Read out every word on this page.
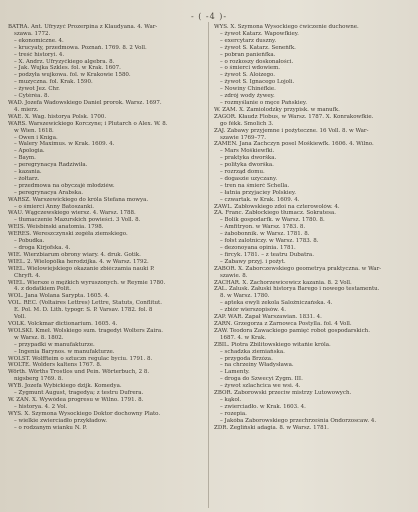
- ( -4 )-
BATRA. Ant. Ufryzyć Prozerpina z Klaudyana. 4. War-
szawa. 1772.
– ekonomiczne. 4.
– krucyaty, przedmowa. Poznań. 1769. 8. 2 Voll.
– treść historyi. 4.
– X. Andrz. Ufryzyćkiego algebra. 8.
– Jak. Wujka Szkles. fol. w Krak. 1607.
– podzyła wujkowa. fol. w Krakowie 1580.
– muzyczna. fol. Krak. 1590.
– żywot Jez. Chr.
– Cytéréa. 8.
WAD. Jozefa Wadowskiego Daniel prorok. Warsz. 1697.
4. mierz.
WAE. X. Wag. historya Polsk. 1700.
WARS. Warszewickiego Korczyne; i Plutarch o Alex. W. 8.
w Wien. 1618.
– Owen i Kniga.
– Walery Maximus. w Krak. 1609. 4.
– Apologia.
– Baym.
– peregrynacya Radziwiła.
– kazania.
– żołtarz.
– przedmowa na obyczajé młodziéw.
– peregrynacya Arabska.
WARSZ. Warszewickiego do króla Stefana mowya.
– o śmierci Anny Batoszanki.
WAU. Wągczewskiego wiersz. 4. Warsz. 1788.
– tłumaczenie Mazurskich powieści. 3 Voll. 8.
WEIS. Weisbinski anatomia. 1798.
WERES. Wereszczynski zegéła ziemskiego.
– Pobudka.
– droga Kirjofska. 4.
WIE. Wierzbiarum obrony wiary. 4. druk. Gotik.
WIEL. 2. Wielopólka herodzijka. 4. w Warsz. 1792.
WIEL. Wielowiejskiego okazanie zbiéczamia nauki P.
Chryft. 4.
WIEL. Wiersze o mężkich wyruszonych. w Reymie 1780.
4. z dodatkiem Polit.
WOL. Jana Wolana Sarypta. 1605. 4.
VOL. REC. (Voltaires Lettres) Lettre, Statuts, Conflitut.
E. Pol. M. D. Lith. typogr. S. P. Varsav. 1782. fol. 8
Voll.
VOLK. Volckmar dictionarium. 1605. 4.
WOLSKI. Kmeł. Wolskiego sum. tragedyi Wolters Zaira.
w Warsz. 8. 1802.
– przypadki w manufakturze.
– Ingenia Barynos. w manufakturze.
WOLST. Wolffteim o sztuczn regulac byciu. 1791. 8.
WOLTE. Wolders kaltens 1767. 8.
Wörth. Wörths Trostlos und Pein. Wörterbuch, 2 8.
nigsberg 1769. 8.
WYB. Jozefa Wybickiego dzijk. Komedya.
– Zygmunt August, tragedya; z testru Dufrera.
W. ZAN. X. Wywódea progresu w Wilno. 1791. 8.
– historya. 4. 2 Vol.
WYS. X. Szymona Wysockiego Doktor dochowny Plato.
– wielkie zwierciadło przykładow.
– o rodzanym wianku N. P.
WYS. X. Szymona Wysockiego ćwiczenie duchowne.
– żywot Katarz. Wapowfkiey.
– exercytarz duszny.
– żywot S. Katarz. Seneńfk.
– pobran panieńfka.
– o rozkoszy doskonałości.
– o śmierci wdowiem.
– żywot S. Aloizego.
– żywot S. Ignacego Lojoli.
– Nowiny Chinéfkie.
– zdrój wody żywey.
– rozmyślanie o męce Pańskiey.
W. ZAM. X. Zamiolodzky przypisk. w manufk.
ZAGOR. Kłaudz Flobus, w Warsz. 1787. X. Konrakowfkie.
go fékk. Smolich 3.
ZAJ. Zabawy przyjemne i pożyteczne. 16 Voll. 8. w War-
szawie 1769–77.
ZAMEN. Jana Zachczyn posel Moškiewfk. 1606. 4. Wilno.
– Mars Moškiewfki.
– praktyka dworška.
– polityka dworška.
– rozrząd domu.
– dogaszie uzyczany.
– tren na śmierć Schella.
– łatnia przyjaciey Polskiey.
– czwartak. w Krak. 1609. 4.
ZAWL. Zabłowskiego zdoi na czterowolów. 4.
ZA. Franc. Zabłockiego tłumacz. Sokratesa.
– Bolik gospodarfk. w Warsz. 1780. 8.
– Amfitryon. w Warsz. 1783. 8.
– żabobonnik. w Warsz. 1781. 8.
– fołst zalotniczy. w Warsz. 1783. 8.
– dezonoyana opinia. 1781.
– fircyk. 1781. – z teatru Dubatra.
– Zabawy przyj. i pożyt.
ZABOR. X. Zaborczewskiego geometrya praktyczna. w War-
szawie. 8.
ZACHAR. X. Zachorzewicewicz kazania. 8. 2 Voll.
ZAL. Zalusk. Załuski historya Barego i nowego testamentu.
8. w Warsz. 1780.
– apteka ewyli zekola Saloźniczańska. 4.
– zbiór wierszopisów. 4.
ZAP. WAR. Zapał Warszawian. 1831. 4.
ZARN. Grzegorza z Żarnowca Postylla. fol. 4 Voll.
ZAW. Teodora Zawackiego pamięć robot gospodarskich.
1687. 4. w Krak.
ZBIL. Piotra Zbilitowskiego witańie króla.
– schadzka ziemiańska.
– przygoda Brzóza.
– na chrzeiny Władysława.
– Lamenty.
– droga do Szwecyi Zygm. III.
– żywot szlachcica we wsi. 4.
ZBOR. Zaborowski przeciw mistrzy Lutowowych.
– kąkol.
– zwierciadło. w Krak. 1603. 4.
– rozepia.
– Jakóba Zaborowskiego przechrześnia Ondorzoscaw. 4.
ZDR. Zegliński adagia. 8. w Warsz. 1781.
